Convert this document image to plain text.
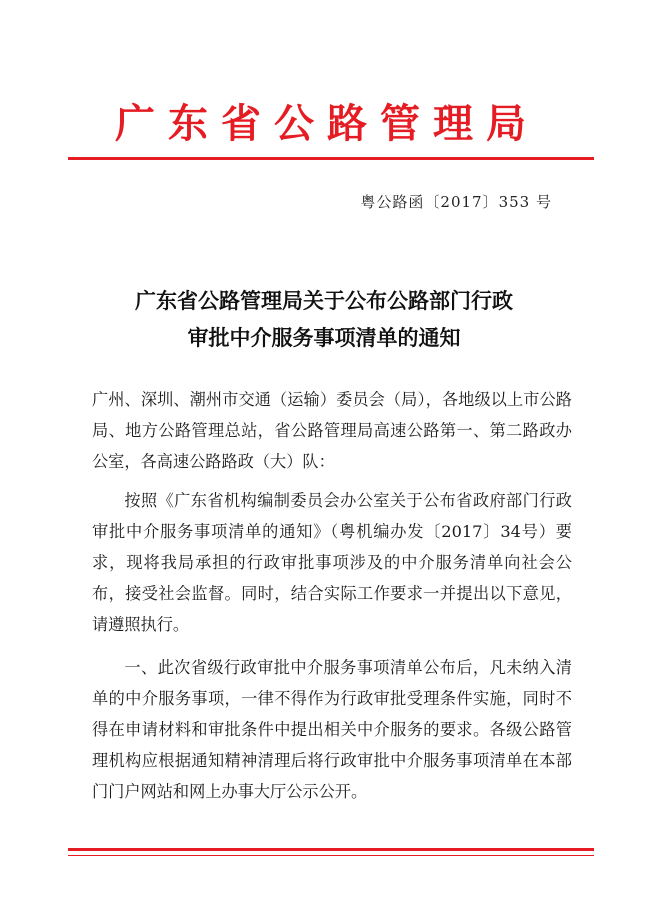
广东省公路管理局
粤公路函〔2017〕353 号
广东省公路管理局关于公布公路部门行政
审批中介服务事项清单的通知

广州、深圳、潮州市交通（运输）委员会（局），各地级以上市公路局、地方公路管理总站，省公路管理局高速公路第一、第二路政办公室，各高速公路路政（大）队：

按照《广东省机构编制委员会办公室关于公布省政府部门行政审批中介服务事项清单的通知》（粤机编办发〔2017〕34号）要求，现将我局承担的行政审批事项涉及的中介服务清单向社会公布，接受社会监督。同时，结合实际工作要求一并提出以下意见，请遵照执行。

一、此次省级行政审批中介服务事项清单公布后，凡未纳入清单的中介服务事项，一律不得作为行政审批受理条件实施，同时不得在申请材料和审批条件中提出相关中介服务的要求。各级公路管理机构应根据通知精神清理后将行政审批中介服务事项清单在本部门门户网站和网上办事大厅公示公开。
